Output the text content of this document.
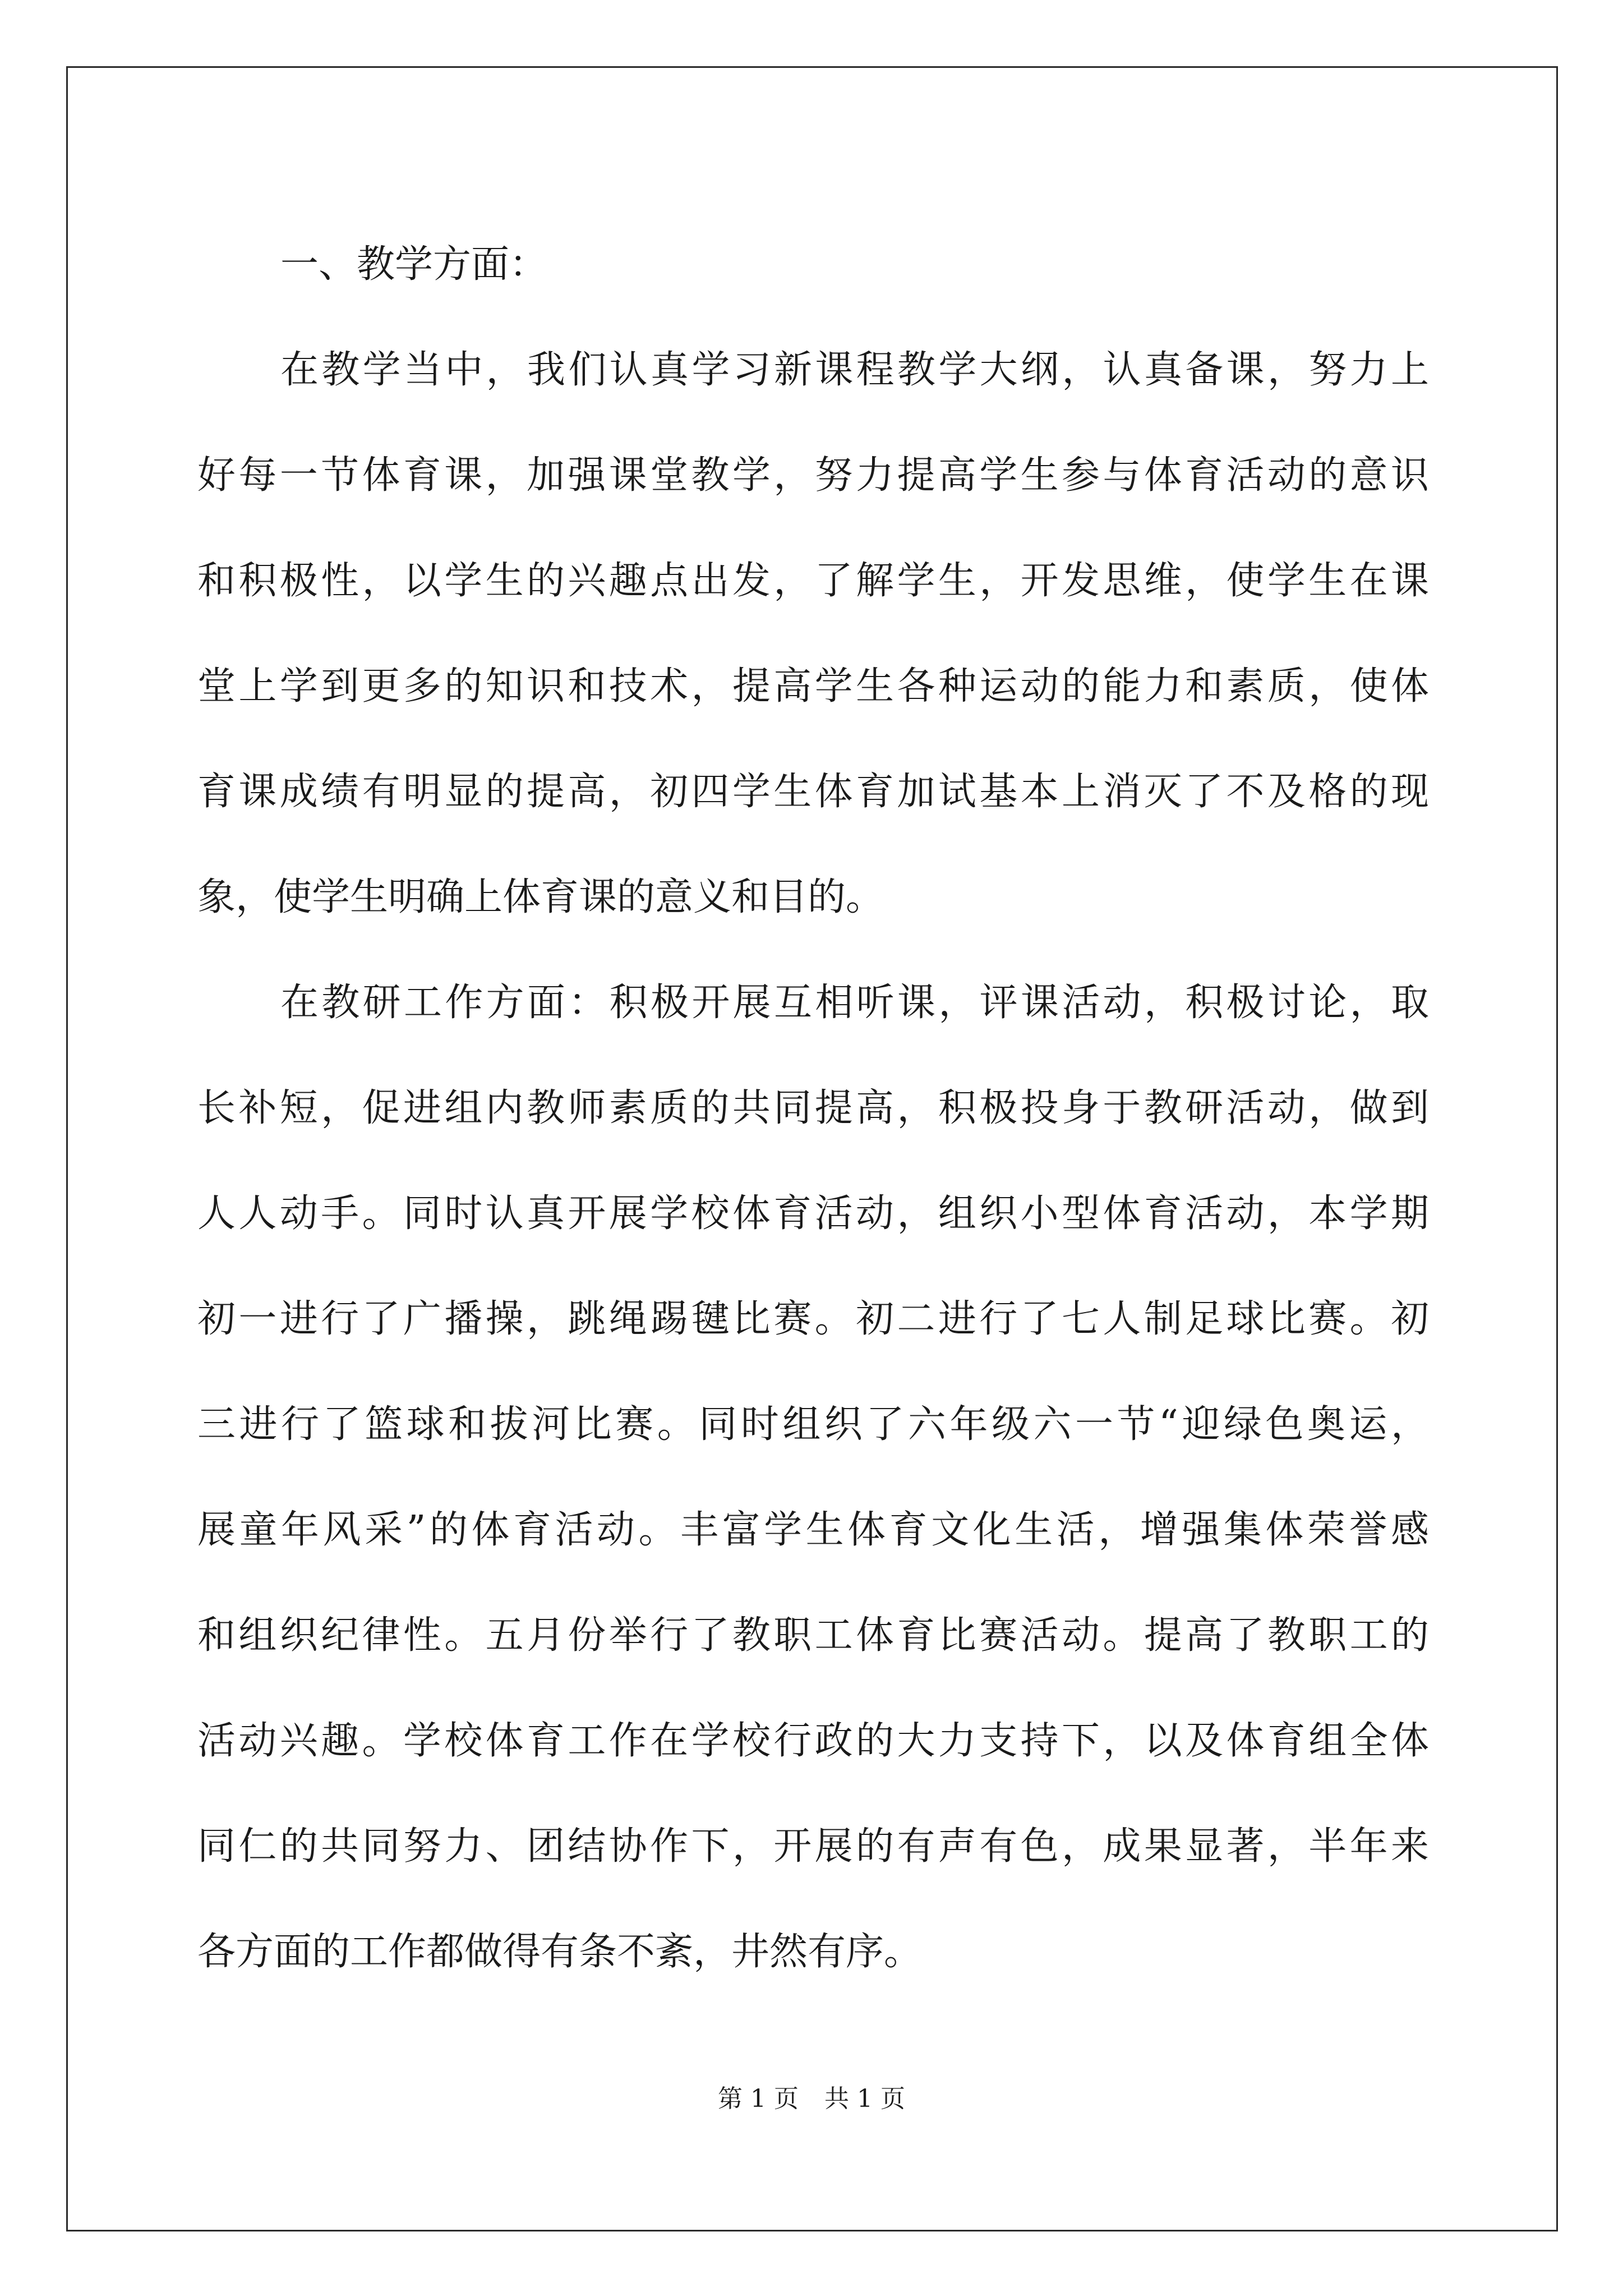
一、教学方面：
在教学当中，我们认真学习新课程教学大纲，认真备课，努力上
好每一节体育课，加强课堂教学，努力提高学生参与体育活动的意识
和积极性，以学生的兴趣点出发，了解学生，开发思维，使学生在课
堂上学到更多的知识和技术，提高学生各种运动的能力和素质，使体
育课成绩有明显的提高，初四学生体育加试基本上消灭了不及格的现
象，使学生明确上体育课的意义和目的。
在教研工作方面：积极开展互相听课，评课活动，积极讨论，取
长补短，促进组内教师素质的共同提高，积极投身于教研活动，做到
人人动手。同时认真开展学校体育活动，组织小型体育活动，本学期
初一进行了广播操，跳绳踢毽比赛。初二进行了七人制足球比赛。初
三进行了篮球和拔河比赛。同时组织了六年级六一节“迎绿色奥运，
展童年风采”的体育活动。丰富学生体育文化生活，增强集体荣誉感
和组织纪律性。五月份举行了教职工体育比赛活动。提高了教职工的
活动兴趣。学校体育工作在学校行政的大力支持下，以及体育组全体
同仁的共同努力、团结协作下，开展的有声有色，成果显著，半年来
各方面的工作都做得有条不紊，井然有序。
第 1 页 共 1 页
